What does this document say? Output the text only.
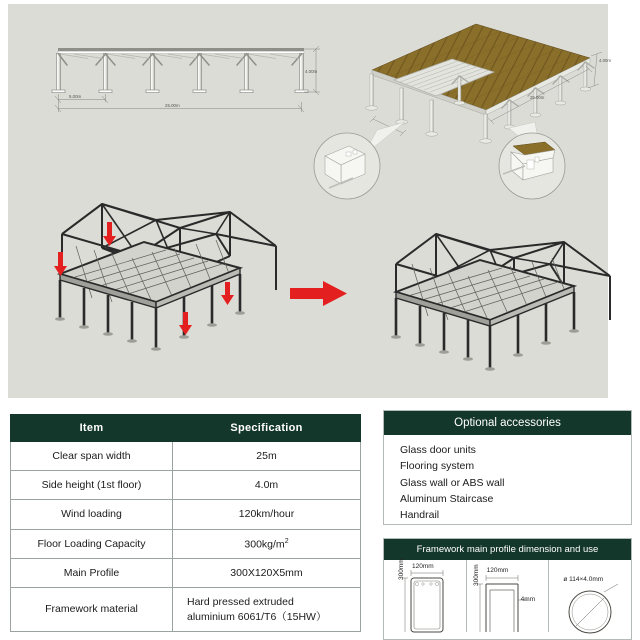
5.00m
25.00m
4.00m
4.00m
25.00m
Item	Specification
Clear span width	25m
Side height (1st floor)	4.0m
Wind loading	120km/hour
Floor Loading Capacity	$300kg/m^2$
Main Profile	300X120X5mm
Framework material	Hard pressed extruded
aluminium 6061/T6（15HW）
Optional accessories
Glass door units
Flooring system
Glass wall or ABS wall
Aluminum Staircase
Handrail
Framework main profile dimension and use
120mm
300mm	120mm
300mm
4mm
ø 114×4.0mm
